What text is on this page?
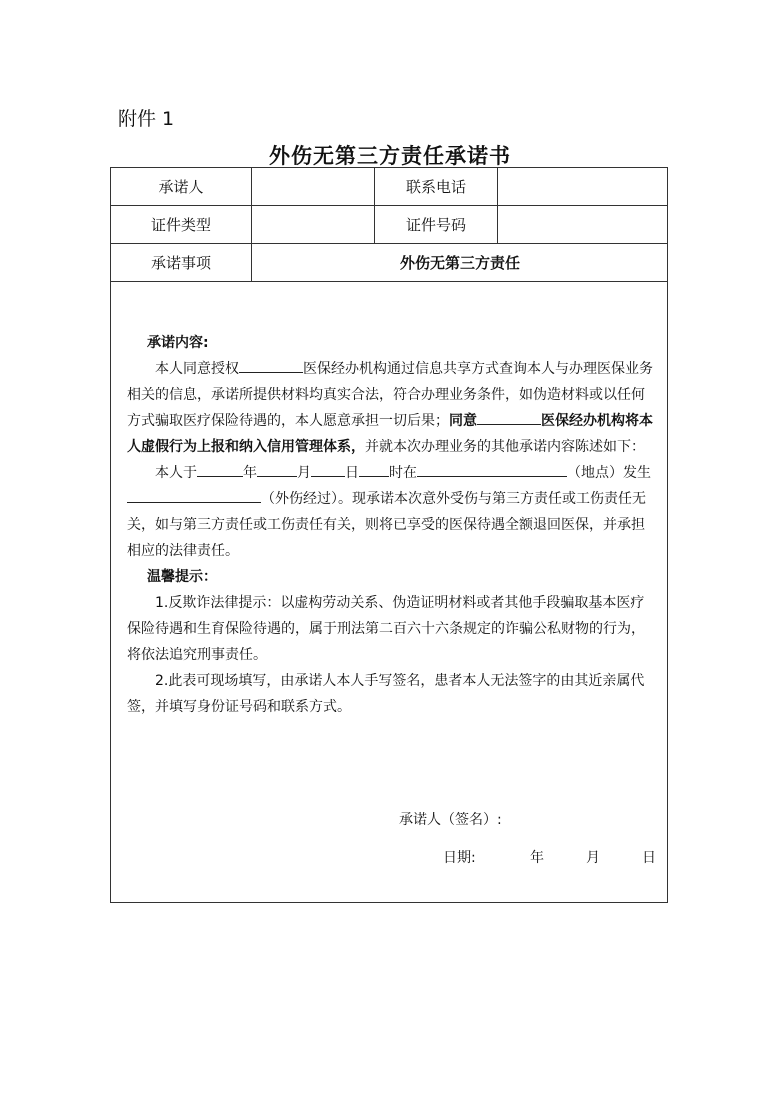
附件 1
外伤无第三方责任承诺书
承诺人	联系电话
证件类型	证件号码
承诺事项	外伤无第三方责任

承诺内容:

本人同意授权	医保经办机构通过信息共享方式查询本人与办理医保业务相关的信息，承诺所提供材料均真实合法，符合办理业务条件，如伪造材料或以任何方式骗取医疗保险待遇的，本人愿意承担一切后果；同意	医保经办机构将本人虚假行为上报和纳入信用管理体系，并就本次办理业务的其他承诺内容陈述如下：

本人于	年	月 日 时在	（地点）发生（外伤经过）。现承诺本次意外受伤与第三方责任或工伤责任无关，如与第三方责任或工伤责任有关，则将已享受的医保待遇全额退回医保，并承担相应的法律责任。

温馨提示：

1.反欺诈法律提示：以虚构劳动关系、伪造证明材料或者其他手段骗取基本医疗保险待遇和生育保险待遇的，属于刑法第二百六十六条规定的诈骗公私财物的行为，将依法追究刑事责任。

2.此表可现场填写，由承诺人本人手写签名，患者本人无法签字的由其近亲属代签，并填写身份证号码和联系方式。

承诺人（签名）:
日期:	年	月	日
